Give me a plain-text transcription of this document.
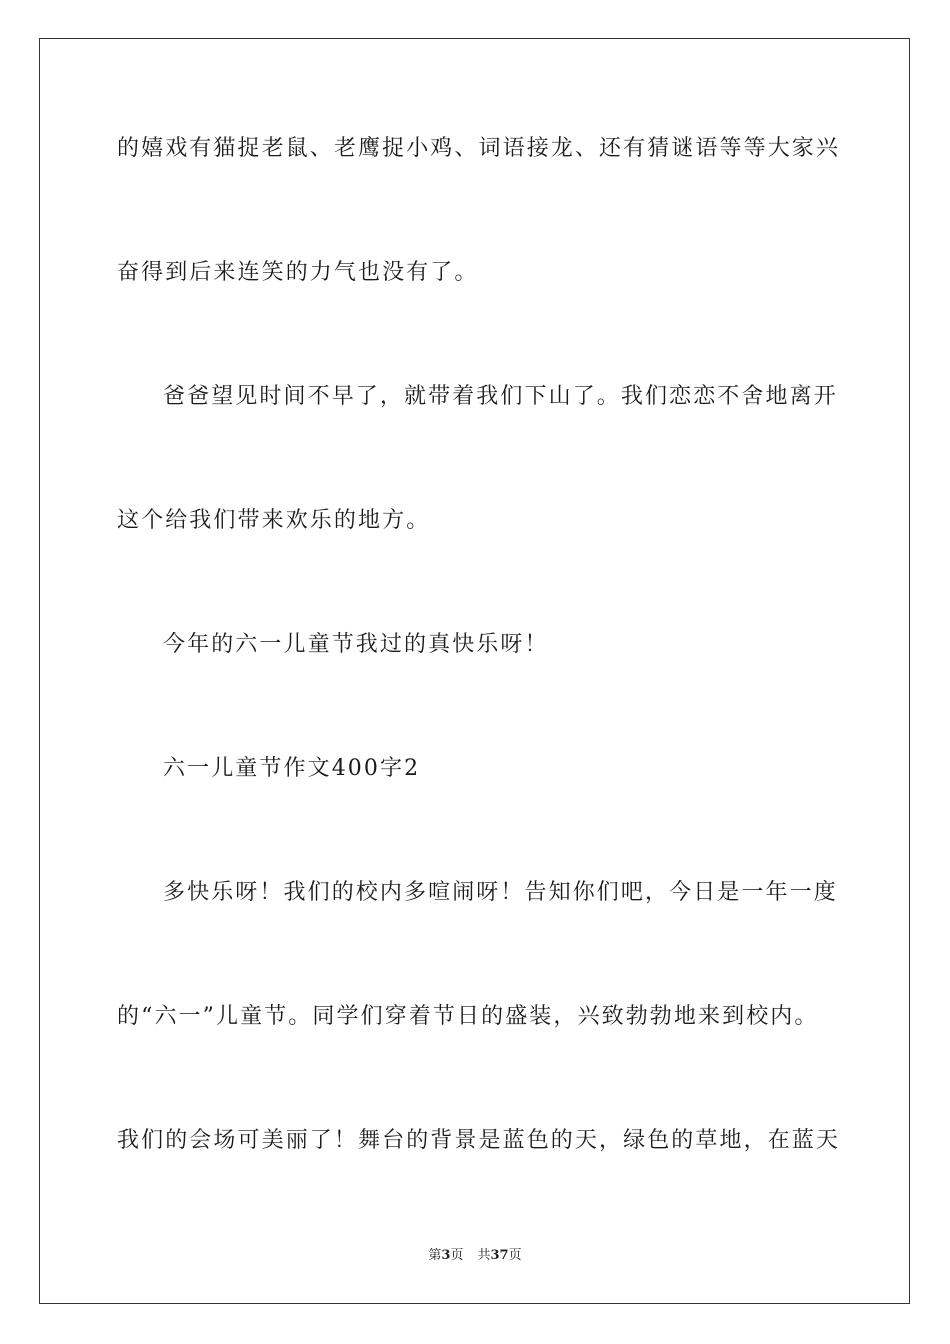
的嬉戏有猫捉老鼠、老鹰捉小鸡、词语接龙、还有猜谜语等等大家兴
奋得到后来连笑的力气也没有了。
爸爸望见时间不早了，就带着我们下山了。我们恋恋不舍地离开
这个给我们带来欢乐的地方。
今年的六一儿童节我过的真快乐呀！
六一儿童节作文400字2
多快乐呀！我们的校内多喧闹呀！告知你们吧，今日是一年一度
的“六一”儿童节。同学们穿着节日的盛装，兴致勃勃地来到校内。
我们的会场可美丽了！舞台的背景是蓝色的天，绿色的草地，在蓝天
第3页 共37页
